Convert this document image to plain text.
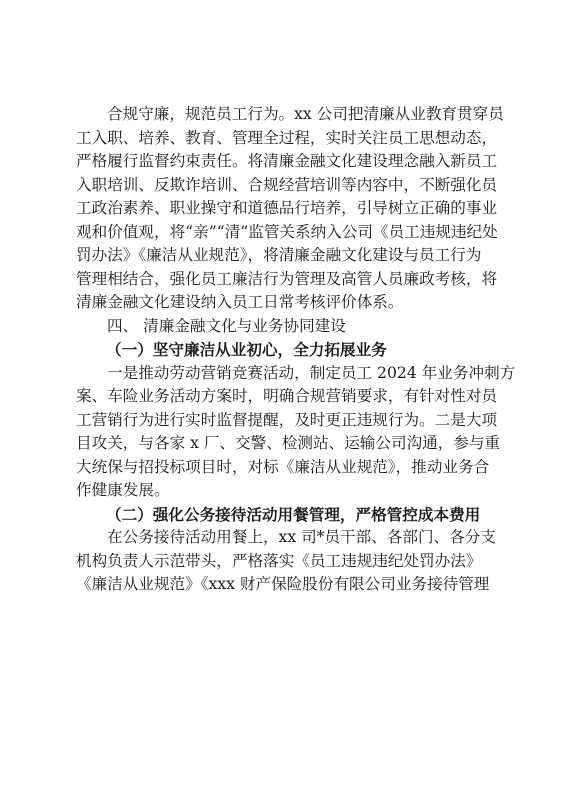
合规守廉，规范员工行为。xx 公司把清廉从业教育贯穿员
工入职、培养、教育、管理全过程，实时关注员工思想动态，
严格履行监督约束责任。将清廉金融文化建设理念融入新员工
入职培训、反欺诈培训、合规经营培训等内容中，不断强化员
工政治素养、职业操守和道德品行培养，引导树立正确的事业
观和价值观，将“亲”“清”监管关系纳入公司《员工违规违纪处
罚办法》《廉洁从业规范》，将清廉金融文化建设与员工行为
管理相结合，强化员工廉洁行为管理及高管人员廉政考核，将
清廉金融文化建设纳入员工日常考核评价体系。
四、 清廉金融文化与业务协同建设
（一）坚守廉洁从业初心，全力拓展业务
一是推动劳动营销竞赛活动，制定员工 2024 年业务冲刺方
案、车险业务活动方案时，明确合规营销要求，有针对性对员
工营销行为进行实时监督提醒，及时更正违规行为。二是大项
目攻关，与各家 x 厂、交警、检测站、运输公司沟通，参与重
大统保与招投标项目时，对标《廉洁从业规范》，推动业务合
作健康发展。
（二）强化公务接待活动用餐管理，严格管控成本费用
在公务接待活动用餐上，xx 司*员干部、各部门、各分支
机构负责人示范带头，严格落实《员工违规违纪处罚办法》
《廉洁从业规范》《xxx 财产保险股份有限公司业务接待管理
